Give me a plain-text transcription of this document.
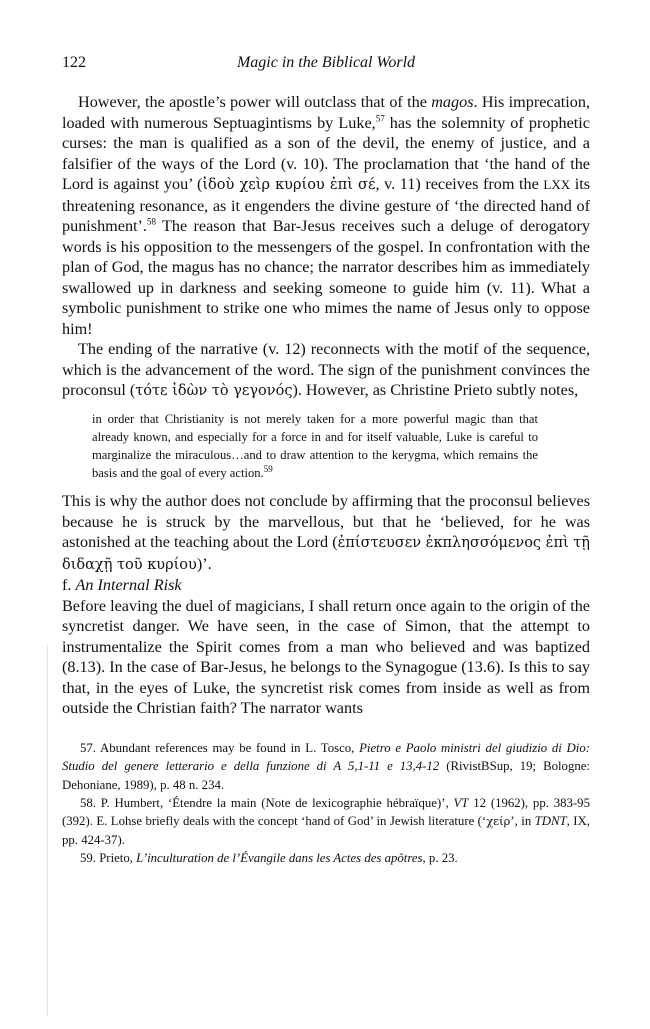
122	Magic in the Biblical World

However, the apostle’s power will outclass that of the magos. His imprecation, loaded with numerous Septuagintisms by Luke,$^{57}$ has the solemnity of prophetic curses: the man is qualified as a son of the devil, the enemy of justice, and a falsifier of the ways of the Lord (v. 10). The proclamation that ‘the hand of the Lord is against you’ (ἰδοὺ χεὶρ κυρίου ἐπὶ σέ, v. 11) receives from the LXX its threatening resonance, as it engenders the divine gesture of ‘the directed hand of punishment’.$^{58}$ The reason that Bar-Jesus receives such a deluge of derogatory words is his opposition to the messengers of the gospel. In confrontation with the plan of God, the magus has no chance; the narrator describes him as immediately swallowed up in darkness and seeking someone to guide him (v. 11). What a symbolic punishment to strike one who mimes the name of Jesus only to oppose him!

The ending of the narrative (v. 12) reconnects with the motif of the sequence, which is the advancement of the word. The sign of the punishment convinces the proconsul (τότε ἰδὼν τὸ γεγονός). However, as Christine Prieto subtly notes,

in order that Christianity is not merely taken for a more powerful magic than that already known, and especially for a force in and for itself valuable, Luke is careful to marginalize the miraculous…and to draw attention to the kerygma, which remains the basis and the goal of every action.$^{59}$

This is why the author does not conclude by affirming that the proconsul believes because he is struck by the marvellous, but that he ‘believed, for he was astonished at the teaching about the Lord (ἐπίστευσεν ἐκπλησσόμενος ἐπὶ τῇ διδαχῇ τοῦ κυρίου)’.

f. An Internal Risk

Before leaving the duel of magicians, I shall return once again to the origin of the syncretist danger. We have seen, in the case of Simon, that the attempt to instrumentalize the Spirit comes from a man who believed and was baptized (8.13). In the case of Bar-Jesus, he belongs to the Synagogue (13.6). Is this to say that, in the eyes of Luke, the syncretist risk comes from inside as well as from outside the Christian faith? The narrator wants

57. Abundant references may be found in L. Tosco, Pietro e Paolo ministri del giudizio di Dio: Studio del genere letterario e della funzione di A 5,1-11 e 13,4-12 (RivistBSup, 19; Bologne: Dehoniane, 1989), p. 48 n. 234.

58. P. Humbert, ‘Étendre la main (Note de lexicographie hébraïque)’, VT 12 (1962), pp. 383-95 (392). E. Lohse briefly deals with the concept ‘hand of God’ in Jewish literature (‘χείρ’, in TDNT, IX, pp. 424-37).

59. Prieto, L’inculturation de l’Évangile dans les Actes des apôtres, p. 23.
